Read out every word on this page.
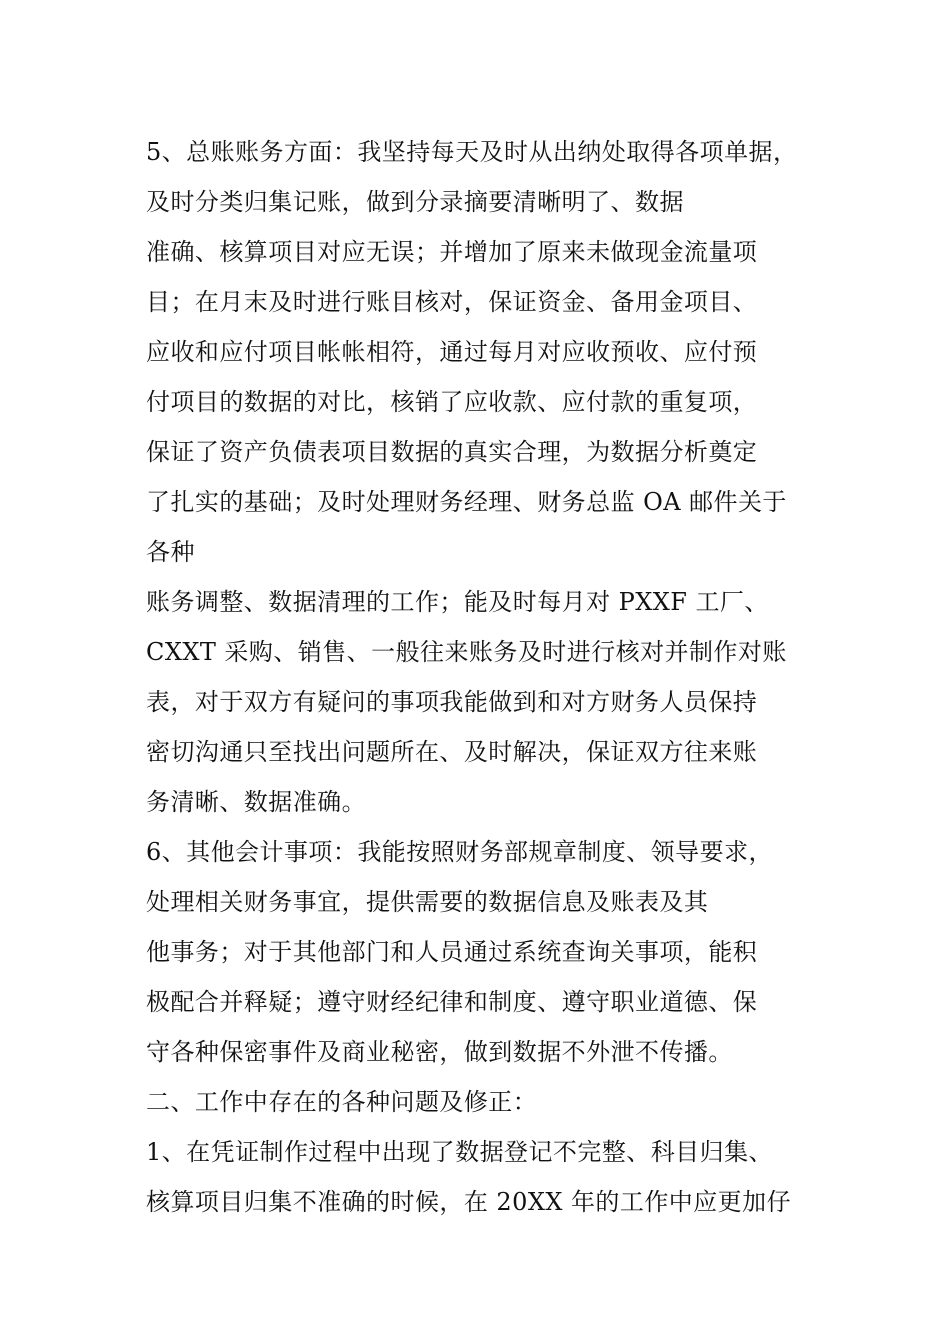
5、总账账务方面：我坚持每天及时从出纳处取得各项单据，
及时分类归集记账，做到分录摘要清晰明了、数据
准确、核算项目对应无误；并增加了原来未做现金流量项
目；在月末及时进行账目核对，保证资金、备用金项目、
应收和应付项目帐帐相符，通过每月对应收预收、应付预
付项目的数据的对比，核销了应收款、应付款的重复项，
保证了资产负债表项目数据的真实合理，为数据分析奠定
了扎实的基础；及时处理财务经理、财务总监 OA 邮件关于
各种
账务调整、数据清理的工作；能及时每月对 PXXF 工厂、
CXXT 采购、销售、一般往来账务及时进行核对并制作对账
表，对于双方有疑问的事项我能做到和对方财务人员保持
密切沟通只至找出问题所在、及时解决，保证双方往来账
务清晰、数据准确。
6、其他会计事项：我能按照财务部规章制度、领导要求，
处理相关财务事宜，提供需要的数据信息及账表及其
他事务；对于其他部门和人员通过系统查询关事项，能积
极配合并释疑；遵守财经纪律和制度、遵守职业道德、保
守各种保密事件及商业秘密，做到数据不外泄不传播。
二、工作中存在的各种问题及修正：
1、在凭证制作过程中出现了数据登记不完整、科目归集、
核算项目归集不准确的时候，在 20XX 年的工作中应更加仔
